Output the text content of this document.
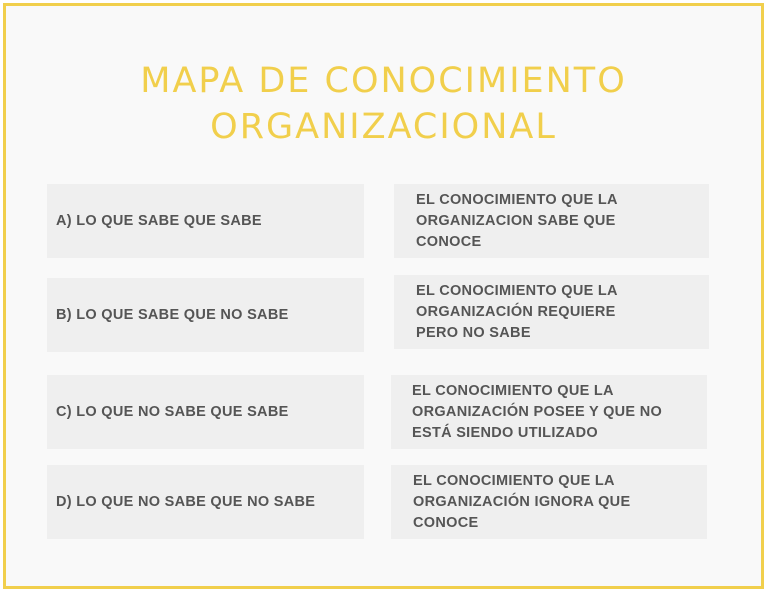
MAPA DE CONOCIMIENTO
ORGANIZACIONAL
A) LO QUE SABE QUE SABE
EL CONOCIMIENTO QUE LA
ORGANIZACION SABE QUE
CONOCE
B) LO QUE SABE QUE NO SABE
EL CONOCIMIENTO QUE LA
ORGANIZACIÓN REQUIERE
PERO NO SABE
C) LO QUE NO SABE QUE SABE
EL CONOCIMIENTO QUE LA
ORGANIZACIÓN POSEE Y QUE NO
ESTÁ SIENDO UTILIZADO
D) LO QUE NO SABE QUE NO SABE
EL CONOCIMIENTO QUE LA
ORGANIZACIÓN IGNORA QUE
CONOCE
